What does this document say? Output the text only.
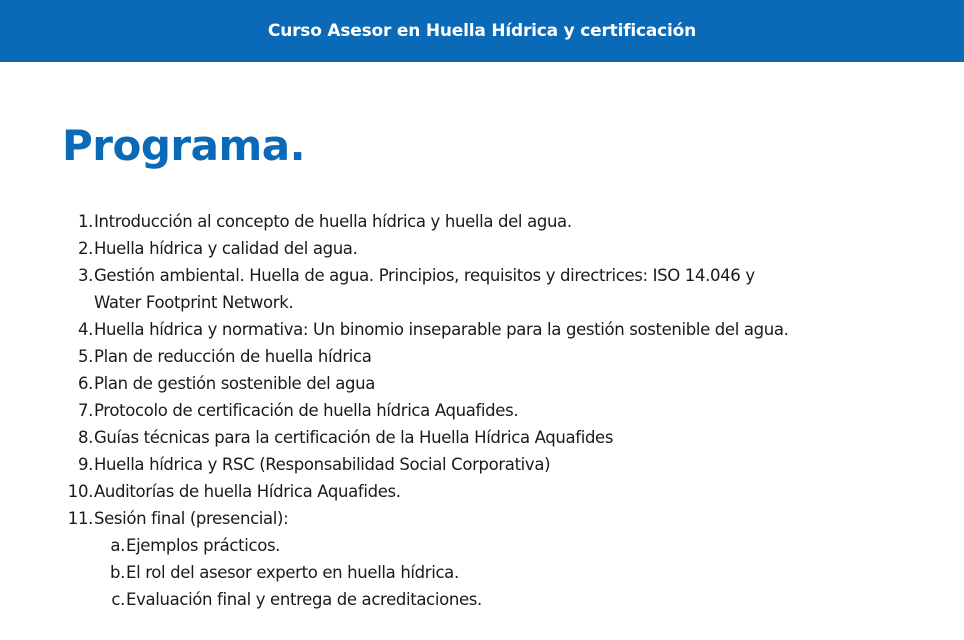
Curso Asesor en Huella Hídrica y certificación
Programa.
1. Introducción al concepto de huella hídrica y huella del agua.
2. Huella hídrica y calidad del agua.
3. Gestión ambiental. Huella de agua. Principios, requisitos y directrices: ISO 14.046 y
Water Footprint Network.
4. Huella hídrica y normativa: Un binomio inseparable para la gestión sostenible del agua.
5. Plan de reducción de huella hídrica
6. Plan de gestión sostenible del agua
7. Protocolo de certificación de huella hídrica Aquafides.
8. Guías técnicas para la certificación de la Huella Hídrica Aquafides
9. Huella hídrica y RSC (Responsabilidad Social Corporativa)
10. Auditorías de huella Hídrica Aquafides.
11. Sesión final (presencial):
a. Ejemplos prácticos.
b. El rol del asesor experto en huella hídrica.
c. Evaluación final y entrega de acreditaciones.
